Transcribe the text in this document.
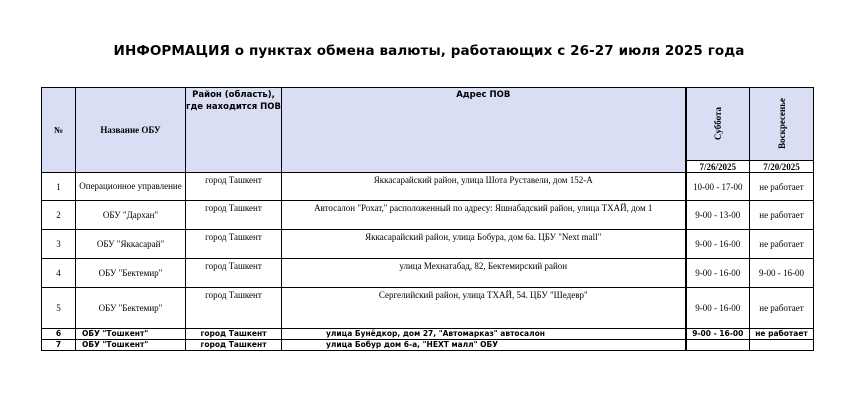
ИНФОРМАЦИЯ о пунктах обмена валюты, работающих с 26-27 июля 2025 года
№	Название ОБУ	Район (область), где находится ПОВ	Адрес ПОВ	Суббота	Воскресенье
				7/26/2025	7/20/2025
1	Операционное управление	город Ташкент	Яккасарайский район, улица Шота Руставели, дом 152-А	10-00 - 17-00	не работает
2	ОБУ "Дархан"	город Ташкент	Автосалон "Рохат," расположенный по адресу: Яшнабадский район, улица ТХАЙ, дом 1	9-00 - 13-00	не работает
3	ОБУ "Яккасарай"	город Ташкент	Яккасарайский район, улица Бобура, дом 6а. ЦБУ "Next mall"	9-00 - 16-00	не работает
4	ОБУ "Бектемир"	город Ташкент	улица Мехнатабад, 82, Бектемирский район	9-00 - 16-00	9-00 - 16-00
5	ОБУ "Бектемир"	город Ташкент	Сергелийский район, улица ТХАЙ, 54. ЦБУ "Шедевр"	9-00 - 16-00	не работает
6	ОБУ "Тошкент"	город Ташкент	улица Бунёдкор, дом 27, "Автомарказ" автосалон	9-00 - 16-00	не работает
7	ОБУ "Тошкент"	город Ташкент	улица Бобур дом 6-а, "НЕХТ малл" ОБУ		
